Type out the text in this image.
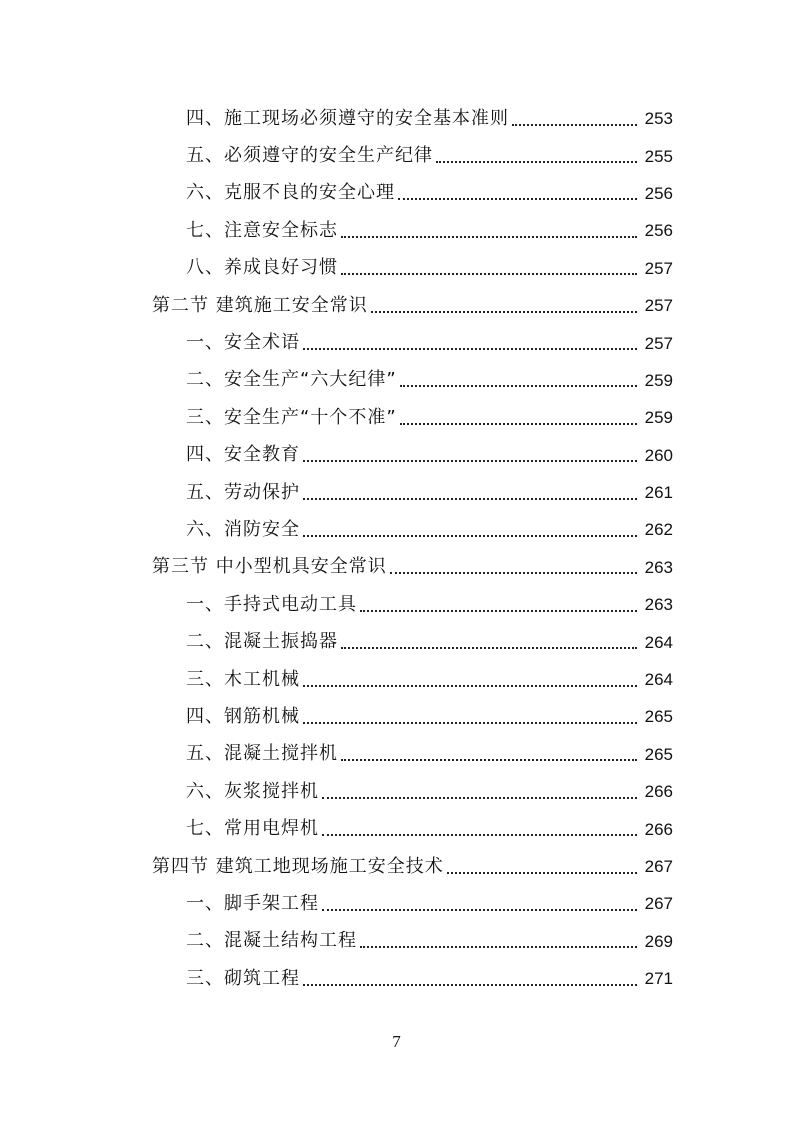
四、施工现场必须遵守的安全基本准则	253
五、必须遵守的安全生产纪律	255
六、克服不良的安全心理	256
七、注意安全标志	256
八、养成良好习惯	257
第二节 建筑施工安全常识	257
一、安全术语	257
二、安全生产“六大纪律”	259
三、安全生产“十个不准”	259
四、安全教育	260
五、劳动保护	261
六、消防安全	262
第三节 中小型机具安全常识	263
一、手持式电动工具	263
二、混凝土振捣器	264
三、木工机械	264
四、钢筋机械	265
五、混凝土搅拌机	265
六、灰浆搅拌机	266
七、常用电焊机	266
第四节 建筑工地现场施工安全技术	267
一、脚手架工程	267
二、混凝土结构工程	269
三、砌筑工程	271
7
